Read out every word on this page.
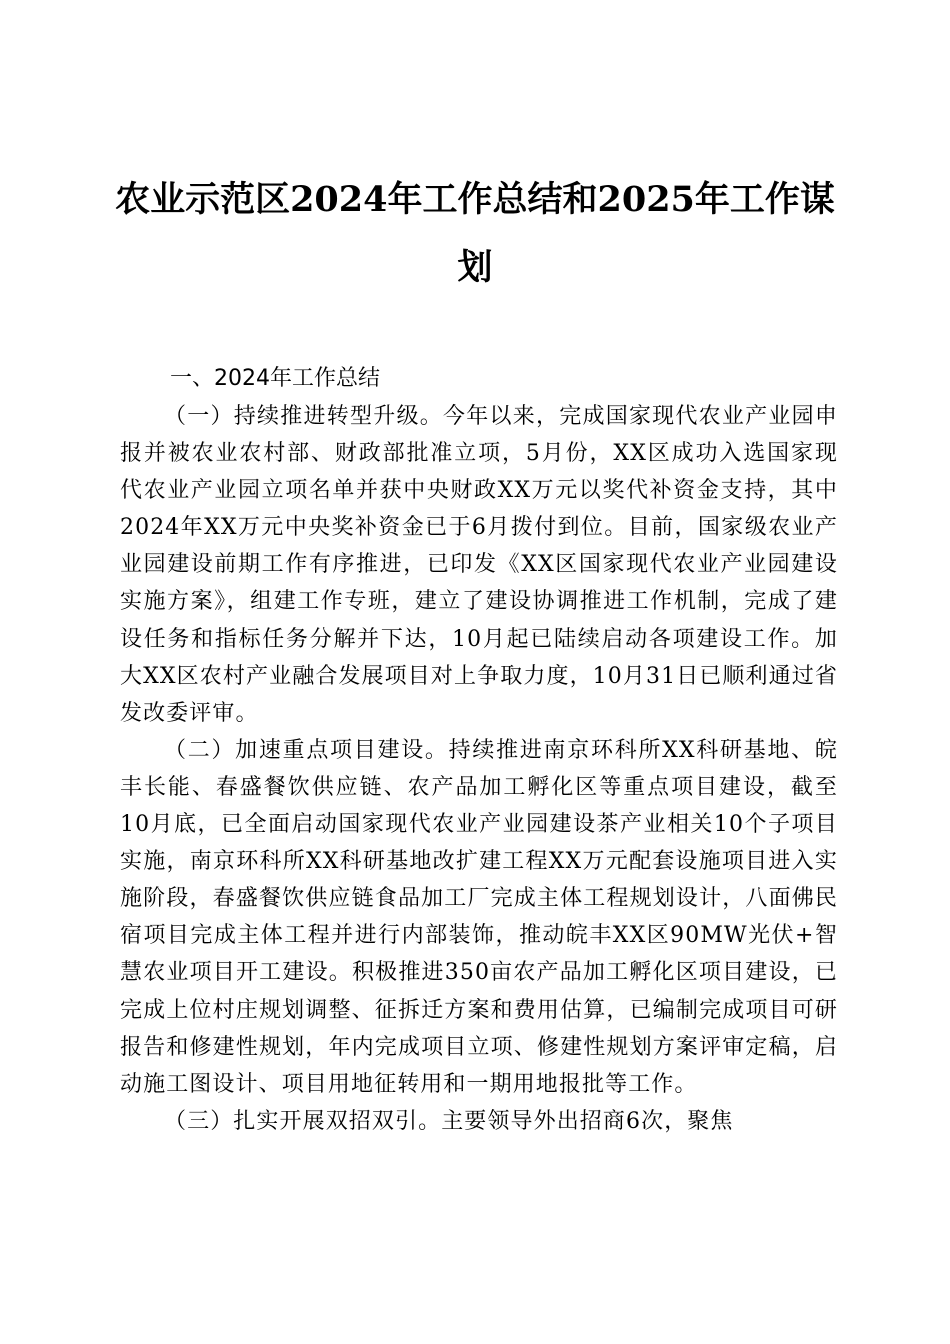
农业示范区2024年工作总结和2025年工作谋划

一、2024年工作总结

（一）持续推进转型升级。今年以来，完成国家现代农业产业园申报并被农业农村部、财政部批准立项，5月份，XX区成功入选国家现代农业产业园立项名单并获中央财政XX万元以奖代补资金支持，其中2024年XX万元中央奖补资金已于6月拨付到位。目前，国家级农业产业园建设前期工作有序推进，已印发《XX区国家现代农业产业园建设实施方案》，组建工作专班，建立了建设协调推进工作机制，完成了建设任务和指标任务分解并下达，10月起已陆续启动各项建设工作。加大XX区农村产业融合发展项目对上争取力度，10月31日已顺利通过省发改委评审。

（二）加速重点项目建设。持续推进南京环科所XX科研基地、皖丰长能、春盛餐饮供应链、农产品加工孵化区等重点项目建设，截至10月底，已全面启动国家现代农业产业园建设茶产业相关10个子项目实施，南京环科所XX科研基地改扩建工程XX万元配套设施项目进入实施阶段，春盛餐饮供应链食品加工厂完成主体工程规划设计，八面佛民宿项目完成主体工程并进行内部装饰，推动皖丰XX区90MW光伏+智慧农业项目开工建设。积极推进350亩农产品加工孵化区项目建设，已完成上位村庄规划调整、征拆迁方案和费用估算，已编制完成项目可研报告和修建性规划，年内完成项目立项、修建性规划方案评审定稿，启动施工图设计、项目用地征转用和一期用地报批等工作。

（三）扎实开展双招双引。主要领导外出招商6次，聚焦
